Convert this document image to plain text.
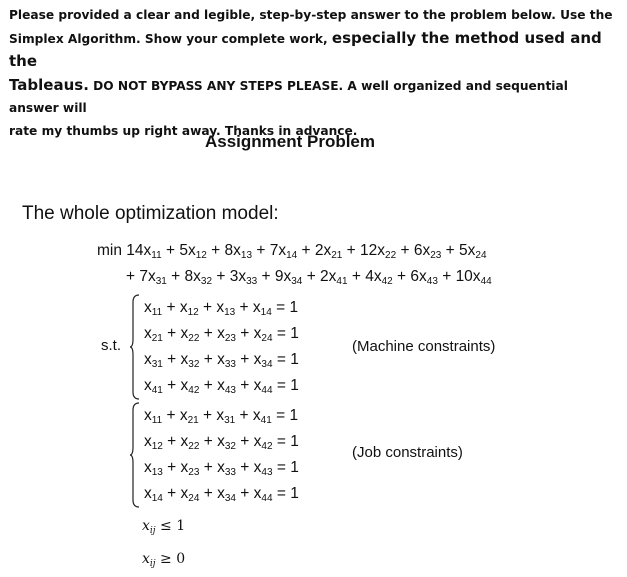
Please provided a clear and legible, step-by-step answer to the problem below. Use the
Simplex Algorithm. Show your complete work, especially the method used and the
Tableaus. DO NOT BYPASS ANY STEPS PLEASE. A well organized and sequential answer will
rate my thumbs up right away. Thanks in advance.
Assignment Problem
The whole optimization model:
$\min 14x_{11} + 5x_{12} + 8x_{13} + 7x_{14} + 2x_{21} + 12x_{22} + 6x_{23} + 5x_{24}$
+ $7x_{31} + 8x_{32} + 3x_{33} + 9x_{34} + 2x_{41} + 4x_{42} + 6x_{43} + 10x_{44}$
s.t.
$x_{11} + x_{12} + x_{13} + x_{14} = 1$
$x_{21} + x_{22} + x_{23} + x_{24} = 1$
$x_{31} + x_{32} + x_{33} + x_{34} = 1$
$x_{41} + x_{42} + x_{43} + x_{44} = 1$
(Machine constraints)
$x_{11} + x_{21} + x_{31} + x_{41} = 1$
$x_{12} + x_{22} + x_{32} + x_{42} = 1$
$x_{13} + x_{23} + x_{33} + x_{43} = 1$
$x_{14} + x_{24} + x_{34} + x_{44} = 1$
(Job constraints)
$x_{ij} \le 1$
$x_{ij} \ge 0$
